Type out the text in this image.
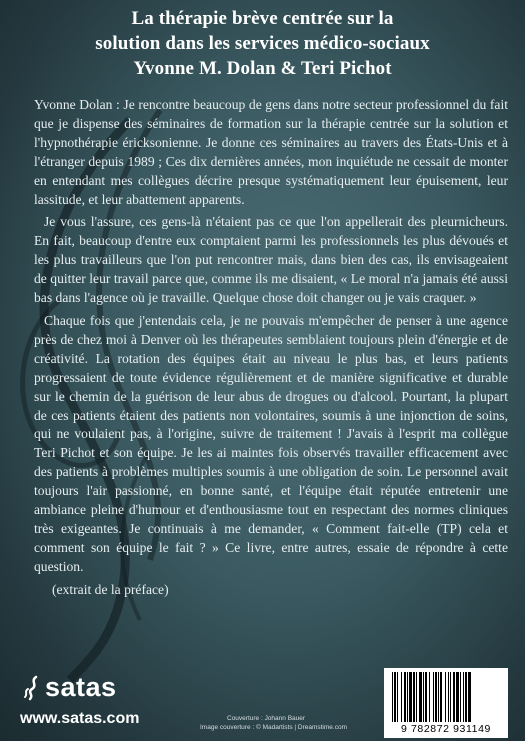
La thérapie brève centrée sur la
solution dans les services médico-sociaux
Yvonne M. Dolan & Teri Pichot

Yvonne Dolan : Je rencontre beaucoup de gens dans notre secteur professionnel du fait que je dispense des séminaires de formation sur la thérapie centrée sur la solution et l'hypnothérapie éricksonienne. Je donne ces séminaires au travers des États-Unis et à l'étranger depuis 1989 ; Ces dix dernières années, mon inquiétude ne cessait de monter en entendant mes collègues décrire presque systématiquement leur épuisement, leur lassitude, et leur abattement apparents.

Je vous l'assure, ces gens-là n'étaient pas ce que l'on appellerait des pleurnicheurs. En fait, beaucoup d'entre eux comptaient parmi les professionnels les plus dévoués et les plus travailleurs que l'on put rencontrer mais, dans bien des cas, ils envisageaient de quitter leur travail parce que, comme ils me disaient, « Le moral n'a jamais été aussi bas dans l'agence où je travaille. Quelque chose doit changer ou je vais craquer. »

Chaque fois que j'entendais cela, je ne pouvais m'empêcher de penser à une agence près de chez moi à Denver où les thérapeutes semblaient toujours plein d'énergie et de créativité. La rotation des équipes était au niveau le plus bas, et leurs patients progressaient de toute évidence régulièrement et de manière significative et durable sur le chemin de la guérison de leur abus de drogues ou d'alcool. Pourtant, la plupart de ces patients étaient des patients non volontaires, soumis à une injonction de soins, qui ne voulaient pas, à l'origine, suivre de traitement ! J'avais à l'esprit ma collègue Teri Pichot et son équipe. Je les ai maintes fois observés travailler efficacement avec des patients à problèmes multiples soumis à une obligation de soin. Le personnel avait toujours l'air passionné, en bonne santé, et l'équipe était réputée entretenir une ambiance pleine d'humour et d'enthousiasme tout en respectant des normes cliniques très exigeantes. Je continuais à me demander, « Comment fait-elle (TP) cela et comment son équipe le fait ? » Ce livre, entre autres, essaie de répondre à cette question.

(extrait de la préface)

satas
www.satas.com	Couverture : Johann Bauer
Image couverture : © Madartists | Dreamstime.com	9 782872 931149
